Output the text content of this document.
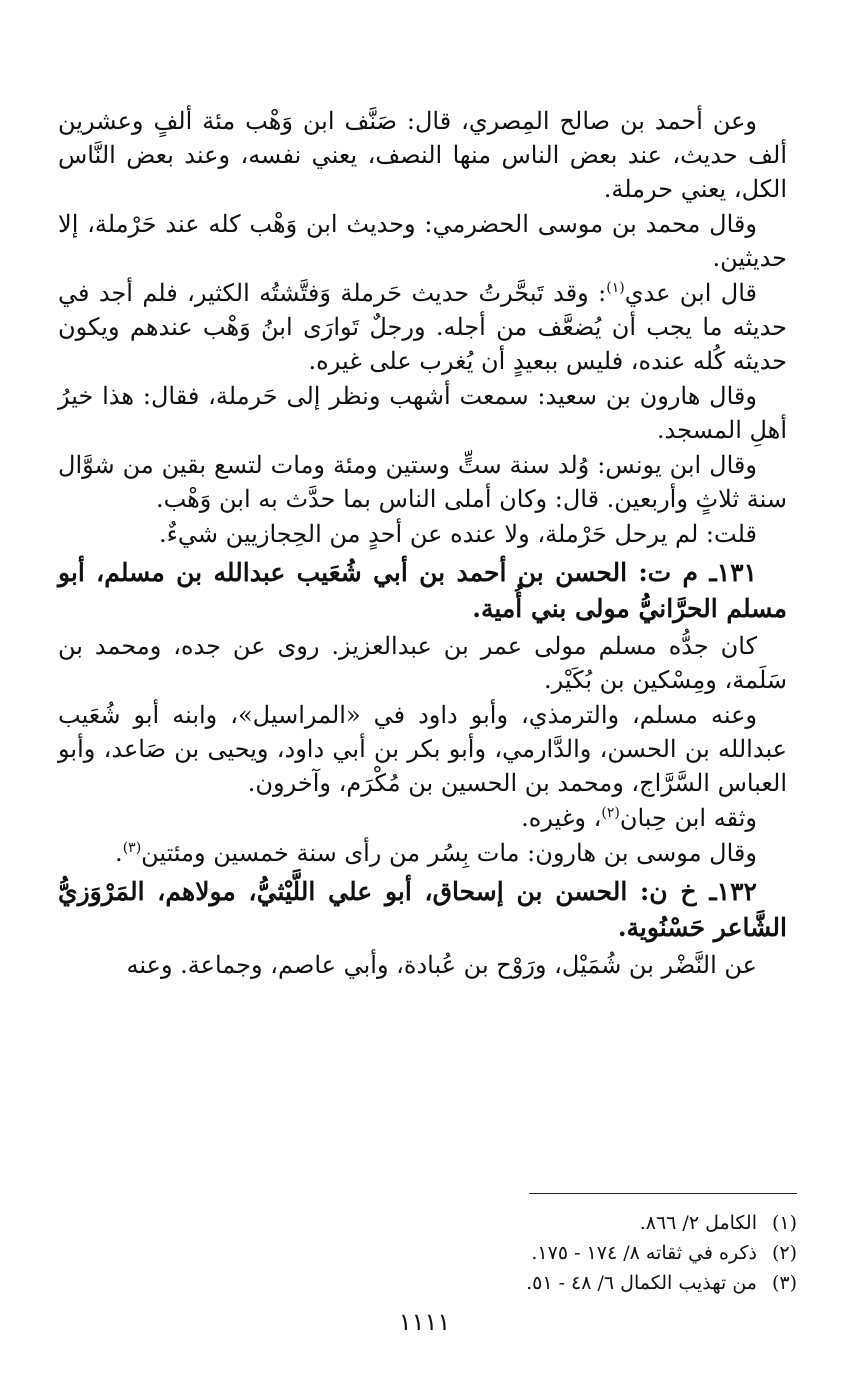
وعن أحمد بن صالح المِصري، قال: صَنَّف ابن وَهْب مئة ألفٍ وعشرين ألف حديث، عند بعض الناس منها النصف، يعني نفسه، وعند بعض النَّاس الكل، يعني حرملة.

وقال محمد بن موسى الحضرمي: وحديث ابن وَهْب كله عند حَرْملة، إلا حديثين.

قال ابن عدي$^{(١)}$: وقد تَبحَّرتُ حديث حَرملة وَفتَّشتُه الكثير، فلم أجد في حديثه ما يجب أن يُضعَّف من أجله. ورجلٌ تَوارَى ابنُ وَهْب عندهم ويكون حديثه كُله عنده، فليس ببعيدٍ أن يُغرب على غيره.

وقال هارون بن سعيد: سمعت أشهب ونظر إلى حَرملة، فقال: هذا خيرُ أهلِ المسجد.

وقال ابن يونس: وُلد سنة ستٍّ وستين ومئة ومات لتسع بقين من شوَّال سنة ثلاثٍ وأربعين. قال: وكان أملى الناس بما حدَّث به ابن وَهْب.

قلت: لم يرحل حَرْملة، ولا عنده عن أحدٍ من الحِجازيين شيءٌ.

١٣١ـ م ت: الحسن بن أحمد بن أبي شُعَيب عبدالله بن مسلم، أبو مسلم الحرَّانيُّ مولى بني أُمية.

كان جدُّه مسلم مولى عمر بن عبدالعزيز. روى عن جده، ومحمد بن سَلَمة، ومِسْكين بن بُكَيْر.

وعنه مسلم، والترمذي، وأبو داود في «المراسيل»، وابنه أبو شُعَيب عبدالله بن الحسن، والدَّارمي، وأبو بكر بن أبي داود، ويحيى بن صَاعد، وأبو العباس السَّرَّاج، ومحمد بن الحسين بن مُكْرَم، وآخرون.

وثقه ابن حِبان$^{(٢)}$، وغيره.

وقال موسى بن هارون: مات بِسُر من رأى سنة خمسين ومئتين$^{(٣)}$.

١٣٢ـ خ ن: الحسن بن إسحاق، أبو علي اللَّيْثيُّ، مولاهم، المَرْوَزيُّ الشَّاعر حَسْنُوية.

عن النَّضْر بن شُمَيْل، ورَوْح بن عُبادة، وأبي عاصم، وجماعة. وعنه

(١)الكامل ٢/ ٨٦٦.

(٢)ذكره في ثقاته ٨/ ١٧٤ - ١٧٥.

(٣)من تهذيب الكمال ٦/ ٤٨ - ٥١.

١١١١
